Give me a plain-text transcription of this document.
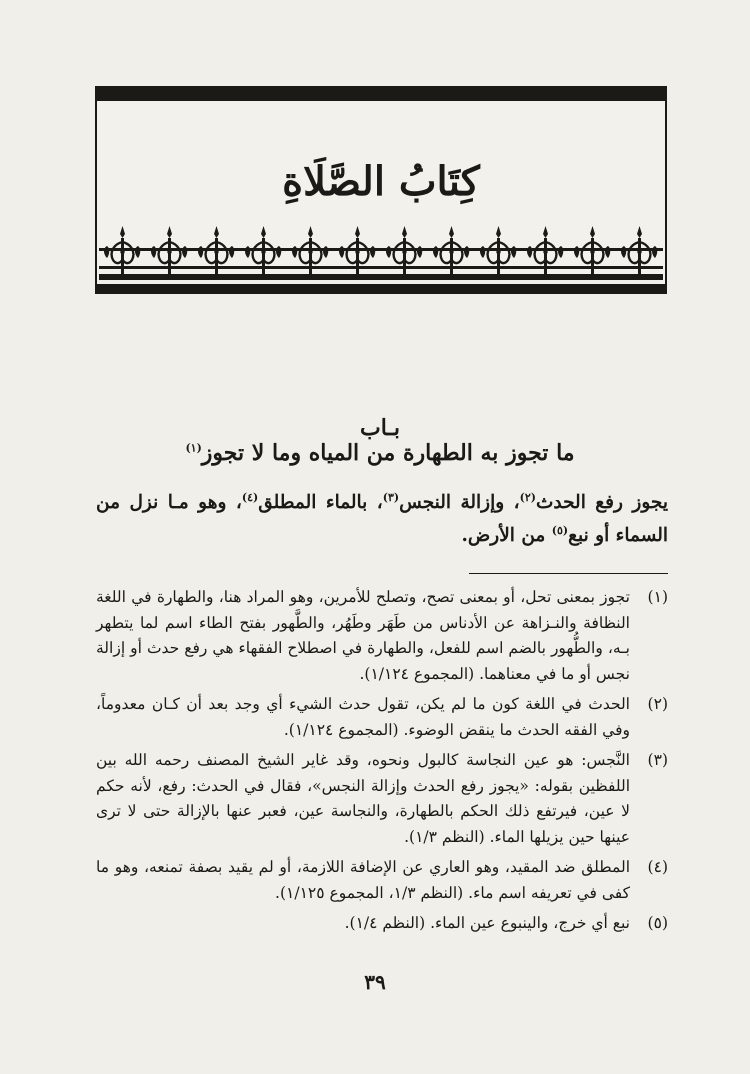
كِتَابُ الصَّلَاةِ
بـاب
ما تجوز به الطهارة من المياه وما لا تجوز$^{(١)}$
يجوز رفع الحدث$^{(٢)}$، وإزالة النجس$^{(٣)}$، بالماء المطلق$^{(٤)}$، وهو مـا نزل من السماء أو نبع$^{(٥)}$ من الأرض.
(١)
تجوز بمعنى تحل، أو بمعنى تصح، وتصلح للأمرين، وهو المراد هنا، والطهارة في اللغة النظافة والنـزاهة عن الأدناس من طَهَر وطَهُر، والطَّهور بفتح الطاء اسم لما يتطهر بـه، والطُّهور بالضم اسم للفعل، والطهارة في اصطلاح الفقهاء هي رفع حدث أو إزالة نجس أو ما في معناهما. (المجموع ١/١٢٤).
(٢)
الحدث في اللغة كون ما لم يكن، تقول حدث الشيء أي وجد بعد أن كـان معدوماً، وفي الفقه الحدث ما ينقض الوضوء. (المجموع ١/١٢٤).
(٣)
النَّجس: هو عين النجاسة كالبول ونحوه، وقد غاير الشيخ المصنف رحمه الله بين اللفظين بقوله: «يجوز رفع الحدث وإزالة النجس»، فقال في الحدث: رفع، لأنه حكم لا عين، فيرتفع ذلك الحكم بالطهارة، والنجاسة عين، فعبر عنها بالإزالة حتى لا ترى عينها حين يزيلها الماء. (النظم ١/٣).
(٤)
المطلق ضد المقيد، وهو العاري عن الإضافة اللازمة، أو لم يقيد بصفة تمنعه، وهو ما كفى في تعريفه اسم ماء. (النظم ١/٣، المجموع ١/١٢٥).
(٥)
نبع أي خرج، والينبوع عين الماء. (النظم ١/٤).
٣٩
